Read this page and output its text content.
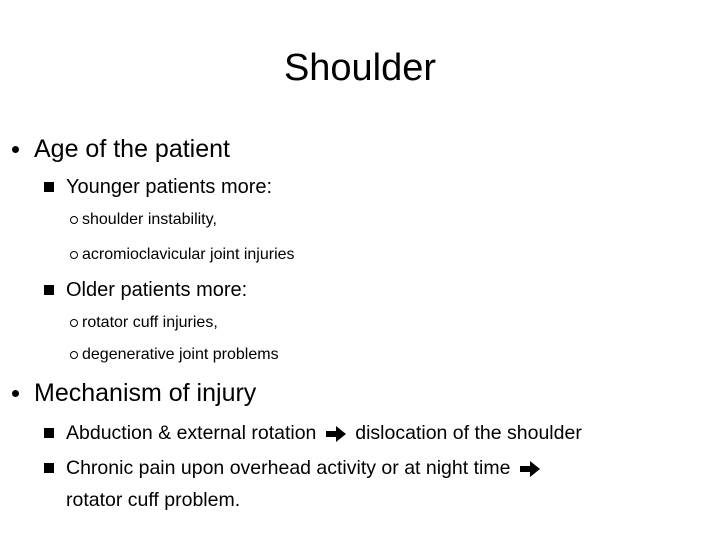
Shoulder
Age of the patient
Younger patients more:
shoulder instability,
acromioclavicular joint injuries
Older patients more:
rotator cuff injuries,
degenerative joint problems
Mechanism of injury
Abduction & external rotation dislocation of the shoulder
Chronic pain upon overhead activity or at night time
rotator cuff problem.
